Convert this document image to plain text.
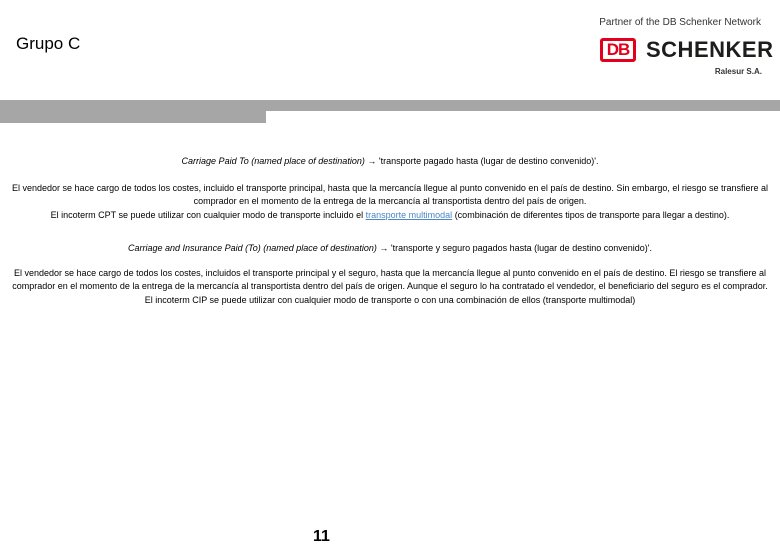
Grupo C
Partner of the DB Schenker Network
DB SCHENKER
Ralesur S.A.

Carriage Paid To (named place of destination) → 'transporte pagado hasta (lugar de destino convenido)'.

El vendedor se hace cargo de todos los costes, incluido el transporte principal, hasta que la mercancía llegue al punto convenido en el país de destino. Sin embargo, el riesgo se transfiere al comprador en el momento de la entrega de la mercancía al transportista dentro del país de origen.

El incoterm CPT se puede utilizar con cualquier modo de transporte incluido el transporte multimodal (combinación de diferentes tipos de transporte para llegar a destino).

Carriage and Insurance Paid (To) (named place of destination) → 'transporte y seguro pagados hasta (lugar de destino convenido)'.

El vendedor se hace cargo de todos los costes, incluidos el transporte principal y el seguro, hasta que la mercancía llegue al punto convenido en el país de destino. El riesgo se transfiere al comprador en el momento de la entrega de la mercancía al transportista dentro del país de origen. Aunque el seguro lo ha contratado el vendedor, el beneficiario del seguro es el comprador.

El incoterm CIP se puede utilizar con cualquier modo de transporte o con una combinación de ellos (transporte multimodal)

11
